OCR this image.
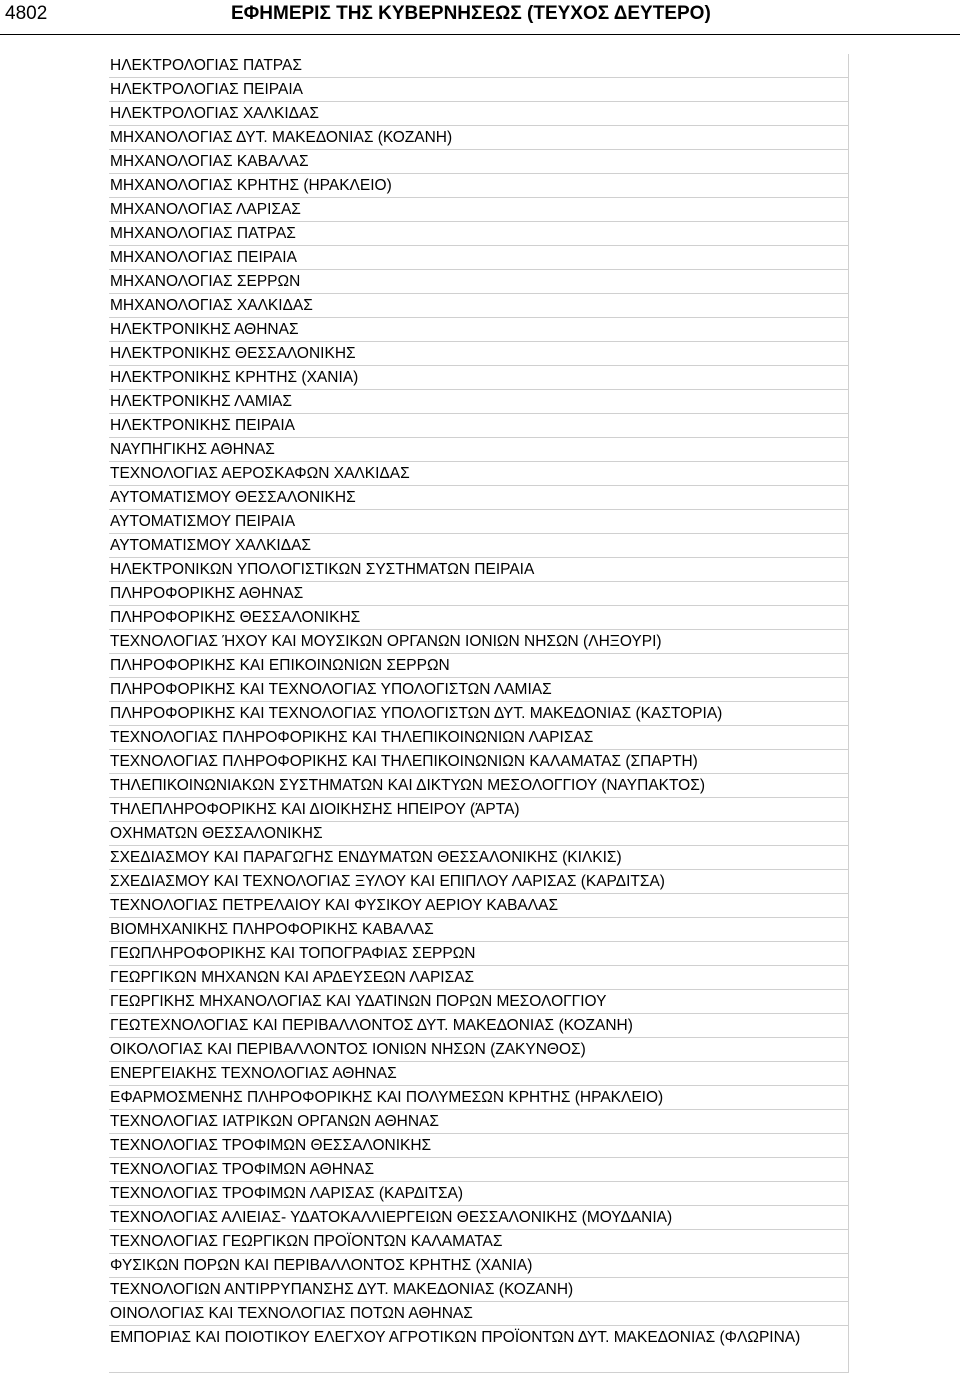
4802	ΕΦΗΜΕΡΙΣ ΤΗΣ ΚΥΒΕΡΝΗΣΕΩΣ (ΤΕΥΧΟΣ ΔΕΥΤΕΡΟ)
ΗΛΕΚΤΡΟΛΟΓΙΑΣ ΠΑΤΡΑΣ
ΗΛΕΚΤΡΟΛΟΓΙΑΣ ΠΕΙΡΑΙΑ
ΗΛΕΚΤΡΟΛΟΓΙΑΣ ΧΑΛΚΙΔΑΣ
ΜΗΧΑΝΟΛΟΓΙΑΣ ΔΥΤ. ΜΑΚΕΔΟΝΙΑΣ (ΚΟΖΑΝΗ)
ΜΗΧΑΝΟΛΟΓΙΑΣ ΚΑΒΑΛΑΣ
ΜΗΧΑΝΟΛΟΓΙΑΣ ΚΡΗΤΗΣ (ΗΡΑΚΛΕΙΟ)
ΜΗΧΑΝΟΛΟΓΙΑΣ ΛΑΡΙΣΑΣ
ΜΗΧΑΝΟΛΟΓΙΑΣ ΠΑΤΡΑΣ
ΜΗΧΑΝΟΛΟΓΙΑΣ ΠΕΙΡΑΙΑ
ΜΗΧΑΝΟΛΟΓΙΑΣ ΣΕΡΡΩΝ
ΜΗΧΑΝΟΛΟΓΙΑΣ ΧΑΛΚΙΔΑΣ
ΗΛΕΚΤΡΟΝΙΚΗΣ ΑΘΗΝΑΣ
ΗΛΕΚΤΡΟΝΙΚΗΣ ΘΕΣΣΑΛΟΝΙΚΗΣ
ΗΛΕΚΤΡΟΝΙΚΗΣ ΚΡΗΤΗΣ (ΧΑΝΙΑ)
ΗΛΕΚΤΡΟΝΙΚΗΣ ΛΑΜΙΑΣ
ΗΛΕΚΤΡΟΝΙΚΗΣ ΠΕΙΡΑΙΑ
ΝΑΥΠΗΓΙΚΗΣ ΑΘΗΝΑΣ
ΤΕΧΝΟΛΟΓΙΑΣ ΑΕΡΟΣΚΑΦΩΝ ΧΑΛΚΙΔΑΣ
ΑΥΤΟΜΑΤΙΣΜΟΥ ΘΕΣΣΑΛΟΝΙΚΗΣ
ΑΥΤΟΜΑΤΙΣΜΟΥ ΠΕΙΡΑΙΑ
ΑΥΤΟΜΑΤΙΣΜΟΥ ΧΑΛΚΙΔΑΣ
ΗΛΕΚΤΡΟΝΙΚΩΝ ΥΠΟΛΟΓΙΣΤΙΚΩΝ ΣΥΣΤΗΜΑΤΩΝ ΠΕΙΡΑΙΑ
ΠΛΗΡΟΦΟΡΙΚΗΣ ΑΘΗΝΑΣ
ΠΛΗΡΟΦΟΡΙΚΗΣ ΘΕΣΣΑΛΟΝΙΚΗΣ
ΤΕΧΝΟΛΟΓΙΑΣ ΉΧΟΥ ΚΑΙ ΜΟΥΣΙΚΩΝ ΟΡΓΑΝΩΝ ΙΟΝΙΩΝ ΝΗΣΩΝ (ΛΗΞΟΥΡΙ)
ΠΛΗΡΟΦΟΡΙΚΗΣ ΚΑΙ ΕΠΙΚΟΙΝΩΝΙΩΝ ΣΕΡΡΩΝ
ΠΛΗΡΟΦΟΡΙΚΗΣ ΚΑΙ ΤΕΧΝΟΛΟΓΙΑΣ ΥΠΟΛΟΓΙΣΤΩΝ ΛΑΜΙΑΣ
ΠΛΗΡΟΦΟΡΙΚΗΣ ΚΑΙ ΤΕΧΝΟΛΟΓΙΑΣ ΥΠΟΛΟΓΙΣΤΩΝ ΔΥΤ. ΜΑΚΕΔΟΝΙΑΣ (ΚΑΣΤΟΡΙΑ)
ΤΕΧΝΟΛΟΓΙΑΣ ΠΛΗΡΟΦΟΡΙΚΗΣ ΚΑΙ ΤΗΛΕΠΙΚΟΙΝΩΝΙΩΝ ΛΑΡΙΣΑΣ
ΤΕΧΝΟΛΟΓΙΑΣ ΠΛΗΡΟΦΟΡΙΚΗΣ ΚΑΙ ΤΗΛΕΠΙΚΟΙΝΩΝΙΩΝ ΚΑΛΑΜΑΤΑΣ (ΣΠΑΡΤΗ)
ΤΗΛΕΠΙΚΟΙΝΩΝΙΑΚΩΝ ΣΥΣΤΗΜΑΤΩΝ ΚΑΙ ΔΙΚΤΥΩΝ ΜΕΣΟΛΟΓΓΙΟΥ (ΝΑΥΠΑΚΤΟΣ)
ΤΗΛΕΠΛΗΡΟΦΟΡΙΚΗΣ ΚΑΙ ΔΙΟΙΚΗΣΗΣ ΗΠΕΙΡΟΥ (ΆΡΤΑ)
ΟΧΗΜΑΤΩΝ ΘΕΣΣΑΛΟΝΙΚΗΣ
ΣΧΕΔΙΑΣΜΟΥ ΚΑΙ ΠΑΡΑΓΩΓΗΣ ΕΝΔΥΜΑΤΩΝ ΘΕΣΣΑΛΟΝΙΚΗΣ (ΚΙΛΚΙΣ)
ΣΧΕΔΙΑΣΜΟΥ ΚΑΙ ΤΕΧΝΟΛΟΓΙΑΣ ΞΥΛΟΥ ΚΑΙ ΕΠΙΠΛΟΥ ΛΑΡΙΣΑΣ (ΚΑΡΔΙΤΣΑ)
ΤΕΧΝΟΛΟΓΙΑΣ ΠΕΤΡΕΛΑΙΟΥ ΚΑΙ ΦΥΣΙΚΟΥ ΑΕΡΙΟΥ ΚΑΒΑΛΑΣ
ΒΙΟΜΗΧΑΝΙΚΗΣ ΠΛΗΡΟΦΟΡΙΚΗΣ ΚΑΒΑΛΑΣ
ΓΕΩΠΛΗΡΟΦΟΡΙΚΗΣ ΚΑΙ ΤΟΠΟΓΡΑΦΙΑΣ ΣΕΡΡΩΝ
ΓΕΩΡΓΙΚΩΝ ΜΗΧΑΝΩΝ ΚΑΙ ΑΡΔΕΥΣΕΩΝ ΛΑΡΙΣΑΣ
ΓΕΩΡΓΙΚΗΣ ΜΗΧΑΝΟΛΟΓΙΑΣ ΚΑΙ ΥΔΑΤΙΝΩΝ ΠΟΡΩΝ ΜΕΣΟΛΟΓΓΙΟΥ
ΓΕΩΤΕΧΝΟΛΟΓΙΑΣ ΚΑΙ ΠΕΡΙΒΑΛΛΟΝΤΟΣ ΔΥΤ. ΜΑΚΕΔΟΝΙΑΣ (ΚΟΖΑΝΗ)
ΟΙΚΟΛΟΓΙΑΣ ΚΑΙ ΠΕΡΙΒΑΛΛΟΝΤΟΣ ΙΟΝΙΩΝ ΝΗΣΩΝ (ΖΑΚΥΝΘΟΣ)
ΕΝΕΡΓΕΙΑΚΗΣ ΤΕΧΝΟΛΟΓΙΑΣ ΑΘΗΝΑΣ
ΕΦΑΡΜΟΣΜΕΝΗΣ ΠΛΗΡΟΦΟΡΙΚΗΣ ΚΑΙ ΠΟΛΥΜΕΣΩΝ ΚΡΗΤΗΣ (ΗΡΑΚΛΕΙΟ)
ΤΕΧΝΟΛΟΓΙΑΣ ΙΑΤΡΙΚΩΝ ΟΡΓΑΝΩΝ ΑΘΗΝΑΣ
ΤΕΧΝΟΛΟΓΙΑΣ ΤΡΟΦΙΜΩΝ ΘΕΣΣΑΛΟΝΙΚΗΣ
ΤΕΧΝΟΛΟΓΙΑΣ ΤΡΟΦΙΜΩΝ ΑΘΗΝΑΣ
ΤΕΧΝΟΛΟΓΙΑΣ ΤΡΟΦΙΜΩΝ ΛΑΡΙΣΑΣ (ΚΑΡΔΙΤΣΑ)
ΤΕΧΝΟΛΟΓΙΑΣ ΑΛΙΕΙΑΣ- ΥΔΑΤΟΚΑΛΛΙΕΡΓΕΙΩΝ ΘΕΣΣΑΛΟΝΙΚΗΣ (ΜΟΥΔΑΝΙΑ)
ΤΕΧΝΟΛΟΓΙΑΣ ΓΕΩΡΓΙΚΩΝ ΠΡΟΪΟΝΤΩΝ ΚΑΛΑΜΑΤΑΣ
ΦΥΣΙΚΩΝ ΠΟΡΩΝ ΚΑΙ ΠΕΡΙΒΑΛΛΟΝΤΟΣ ΚΡΗΤΗΣ (ΧΑΝΙΑ)
ΤΕΧΝΟΛΟΓΙΩΝ ΑΝΤΙΡΡΥΠΑΝΣΗΣ ΔΥΤ. ΜΑΚΕΔΟΝΙΑΣ (ΚΟΖΑΝΗ)
ΟΙΝΟΛΟΓΙΑΣ ΚΑΙ ΤΕΧΝΟΛΟΓΙΑΣ ΠΟΤΩΝ ΑΘΗΝΑΣ
ΕΜΠΟΡΙΑΣ ΚΑΙ ΠΟΙΟΤΙΚΟΥ ΕΛΕΓΧΟΥ ΑΓΡΟΤΙΚΩΝ ΠΡΟΪΟΝΤΩΝ ΔΥΤ. ΜΑΚΕΔΟΝΙΑΣ (ΦΛΩΡΙΝΑ)
